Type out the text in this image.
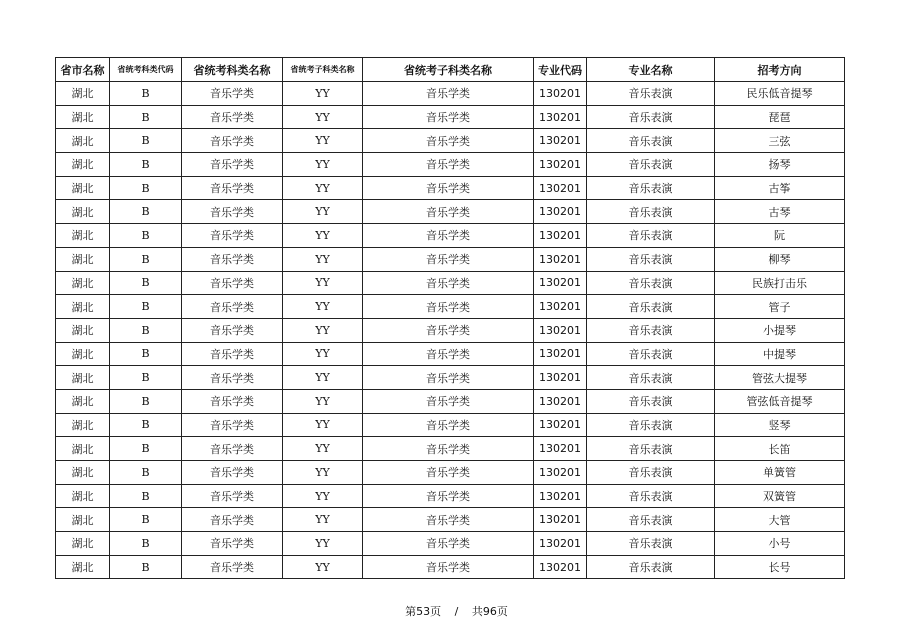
省市名称	省统考科类代码	省统考科类名称	省统考子科类名称	省统考子科类名称	专业代码	专业名称	招考方向
湖北	B	音乐学类	YY	音乐学类	130201	音乐表演	民乐低音提琴
湖北	B	音乐学类	YY	音乐学类	130201	音乐表演	琵琶
湖北	B	音乐学类	YY	音乐学类	130201	音乐表演	三弦
湖北	B	音乐学类	YY	音乐学类	130201	音乐表演	扬琴
湖北	B	音乐学类	YY	音乐学类	130201	音乐表演	古筝
湖北	B	音乐学类	YY	音乐学类	130201	音乐表演	古琴
湖北	B	音乐学类	YY	音乐学类	130201	音乐表演	阮
湖北	B	音乐学类	YY	音乐学类	130201	音乐表演	柳琴
湖北	B	音乐学类	YY	音乐学类	130201	音乐表演	民族打击乐
湖北	B	音乐学类	YY	音乐学类	130201	音乐表演	管子
湖北	B	音乐学类	YY	音乐学类	130201	音乐表演	小提琴
湖北	B	音乐学类	YY	音乐学类	130201	音乐表演	中提琴
湖北	B	音乐学类	YY	音乐学类	130201	音乐表演	管弦大提琴
湖北	B	音乐学类	YY	音乐学类	130201	音乐表演	管弦低音提琴
湖北	B	音乐学类	YY	音乐学类	130201	音乐表演	竖琴
湖北	B	音乐学类	YY	音乐学类	130201	音乐表演	长笛
湖北	B	音乐学类	YY	音乐学类	130201	音乐表演	单簧管
湖北	B	音乐学类	YY	音乐学类	130201	音乐表演	双簧管
湖北	B	音乐学类	YY	音乐学类	130201	音乐表演	大管
湖北	B	音乐学类	YY	音乐学类	130201	音乐表演	小号
湖北	B	音乐学类	YY	音乐学类	130201	音乐表演	长号
第53页 / 共96页
